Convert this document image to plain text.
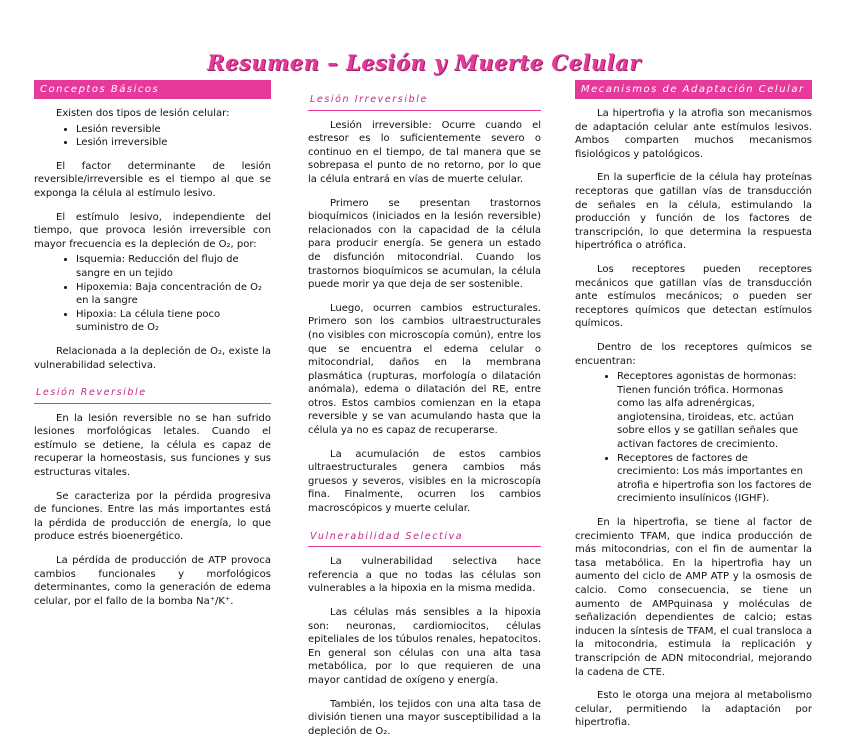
Resumen – Lesión y Muerte Celular
Conceptos Básicos

Existen dos tipos de lesión celular:

• Lesión reversible
• Lesión irreversible

El factor determinante de lesión reversible/irreversible es el tiempo al que se exponga la célula al estímulo lesivo.

El estímulo lesivo, independiente del tiempo, que provoca lesión irreversible con mayor frecuencia es la depleción de O₂, por:

• Isquemia: Reducción del flujo de sangre en un tejido
• Hipoxemia: Baja concentración de O₂ en la sangre
• Hipoxia: La célula tiene poco suministro de O₂

Relacionada a la depleción de O₂, existe la vulnerabilidad selectiva.

Lesión Reversible

En la lesión reversible no se han sufrido lesiones morfológicas letales. Cuando el estímulo se detiene, la célula es capaz de recuperar la homeostasis, sus funciones y sus estructuras vitales.

Se caracteriza por la pérdida progresiva de funciones. Entre las más importantes está la pérdida de producción de energía, lo que produce estrés bioenergético.

La pérdida de producción de ATP provoca cambios funcionales y morfológicos determinantes, como la generación de edema celular, por el fallo de la bomba Na⁺/K⁺.

Lesión Irreversible

Lesión irreversible: Ocurre cuando el estresor es lo suficientemente severo o continuo en el tiempo, de tal manera que se sobrepasa el punto de no retorno, por lo que la célula entrará en vías de muerte celular.

Primero se presentan trastornos bioquímicos (iniciados en la lesión reversible) relacionados con la capacidad de la célula para producir energía. Se genera un estado de disfunción mitocondrial. Cuando los trastornos bioquímicos se acumulan, la célula puede morir ya que deja de ser sostenible.

Luego, ocurren cambios estructurales. Primero son los cambios ultraestructurales (no visibles con microscopía común), entre los que se encuentra el edema celular o mitocondrial, daños en la membrana plasmática (rupturas, morfología o dilatación anómala), edema o dilatación del RE, entre otros. Estos cambios comienzan en la etapa reversible y se van acumulando hasta que la célula ya no es capaz de recuperarse.

La acumulación de estos cambios ultraestructurales genera cambios más gruesos y severos, visibles en la microscopía fina. Finalmente, ocurren los cambios macroscópicos y muerte celular.

Vulnerabilidad Selectiva

La vulnerabilidad selectiva hace referencia a que no todas las células son vulnerables a la hipoxia en la misma medida.

Las células más sensibles a la hipoxia son: neuronas, cardiomiocitos, células epiteliales de los túbulos renales, hepatocitos. En general son células con una alta tasa metabólica, por lo que requieren de una mayor cantidad de oxígeno y energía.

También, los tejidos con una alta tasa de división tienen una mayor susceptibilidad a la depleción de O₂.

Mecanismos de Adaptación Celular

La hipertrofia y la atrofia son mecanismos de adaptación celular ante estímulos lesivos. Ambos comparten muchos mecanismos fisiológicos y patológicos.

En la superficie de la célula hay proteínas receptoras que gatillan vías de transducción de señales en la célula, estimulando la producción y función de los factores de transcripción, lo que determina la respuesta hipertrófica o atrófica.

Los receptores pueden receptores mecánicos que gatillan vías de transducción ante estímulos mecánicos; o pueden ser receptores químicos que detectan estímulos químicos.

Dentro de los receptores químicos se encuentran:

• Receptores agonistas de hormonas: Tienen función trófica. Hormonas como las alfa adrenérgicas, angiotensina, tiroideas, etc. actúan sobre ellos y se gatillan señales que activan factores de crecimiento.
• Receptores de factores de crecimiento: Los más importantes en atrofia e hipertrofia son los factores de crecimiento insulínicos (IGHF).

En la hipertrofia, se tiene al factor de crecimiento TFAM, que indica producción de más mitocondrias, con el fin de aumentar la tasa metabólica. En la hipertrofia hay un aumento del ciclo de AMP ATP y la osmosis de calcio. Como consecuencia, se tiene un aumento de AMPquinasa y moléculas de señalización dependientes de calcio; estas inducen la síntesis de TFAM, el cual transloca a la mitocondria, estimula la replicación y transcripción de ADN mitocondrial, mejorando la cadena de CTE.

Esto le otorga una mejora al metabolismo celular, permitiendo la adaptación por hipertrofia.
